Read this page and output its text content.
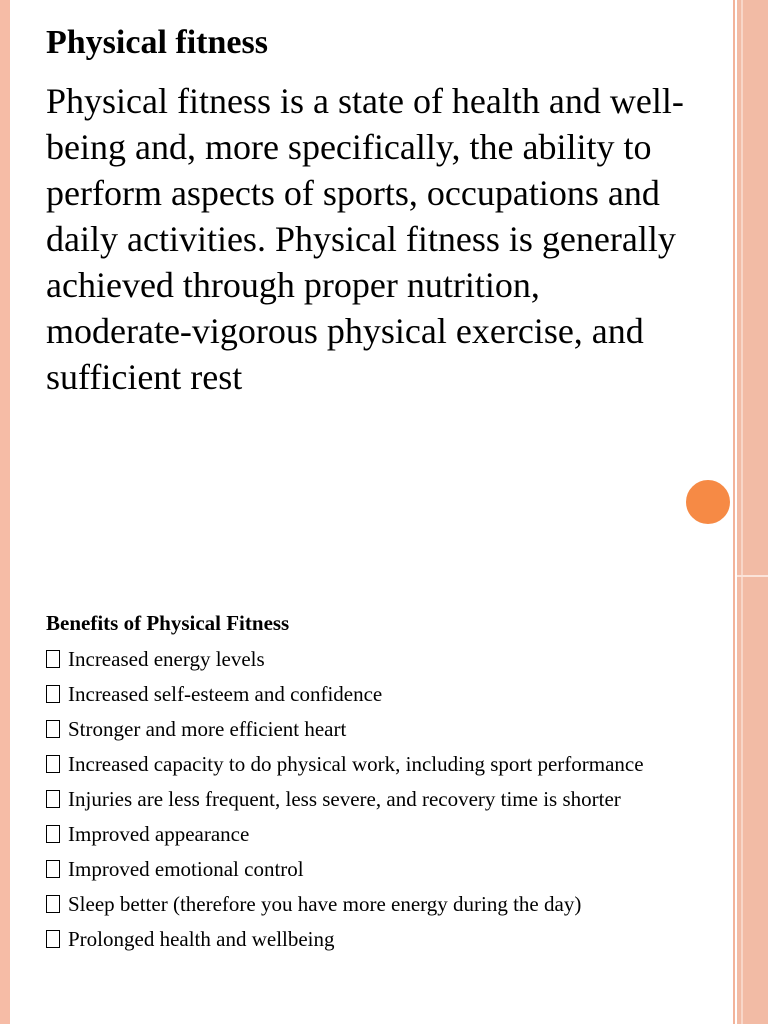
Physical fitness

Physical fitness is a state of health and well-being and, more specifically, the ability to perform aspects of sports, occupations and daily activities. Physical fitness is generally achieved through proper nutrition, moderate-vigorous physical exercise, and sufficient rest

Benefits of Physical Fitness
Increased energy levels
Increased self-esteem and confidence
Stronger and more efficient heart
Increased capacity to do physical work, including sport performance
Injuries are less frequent, less severe, and recovery time is shorter
Improved appearance
Improved emotional control
Sleep better (therefore you have more energy during the day)
Prolonged health and wellbeing
